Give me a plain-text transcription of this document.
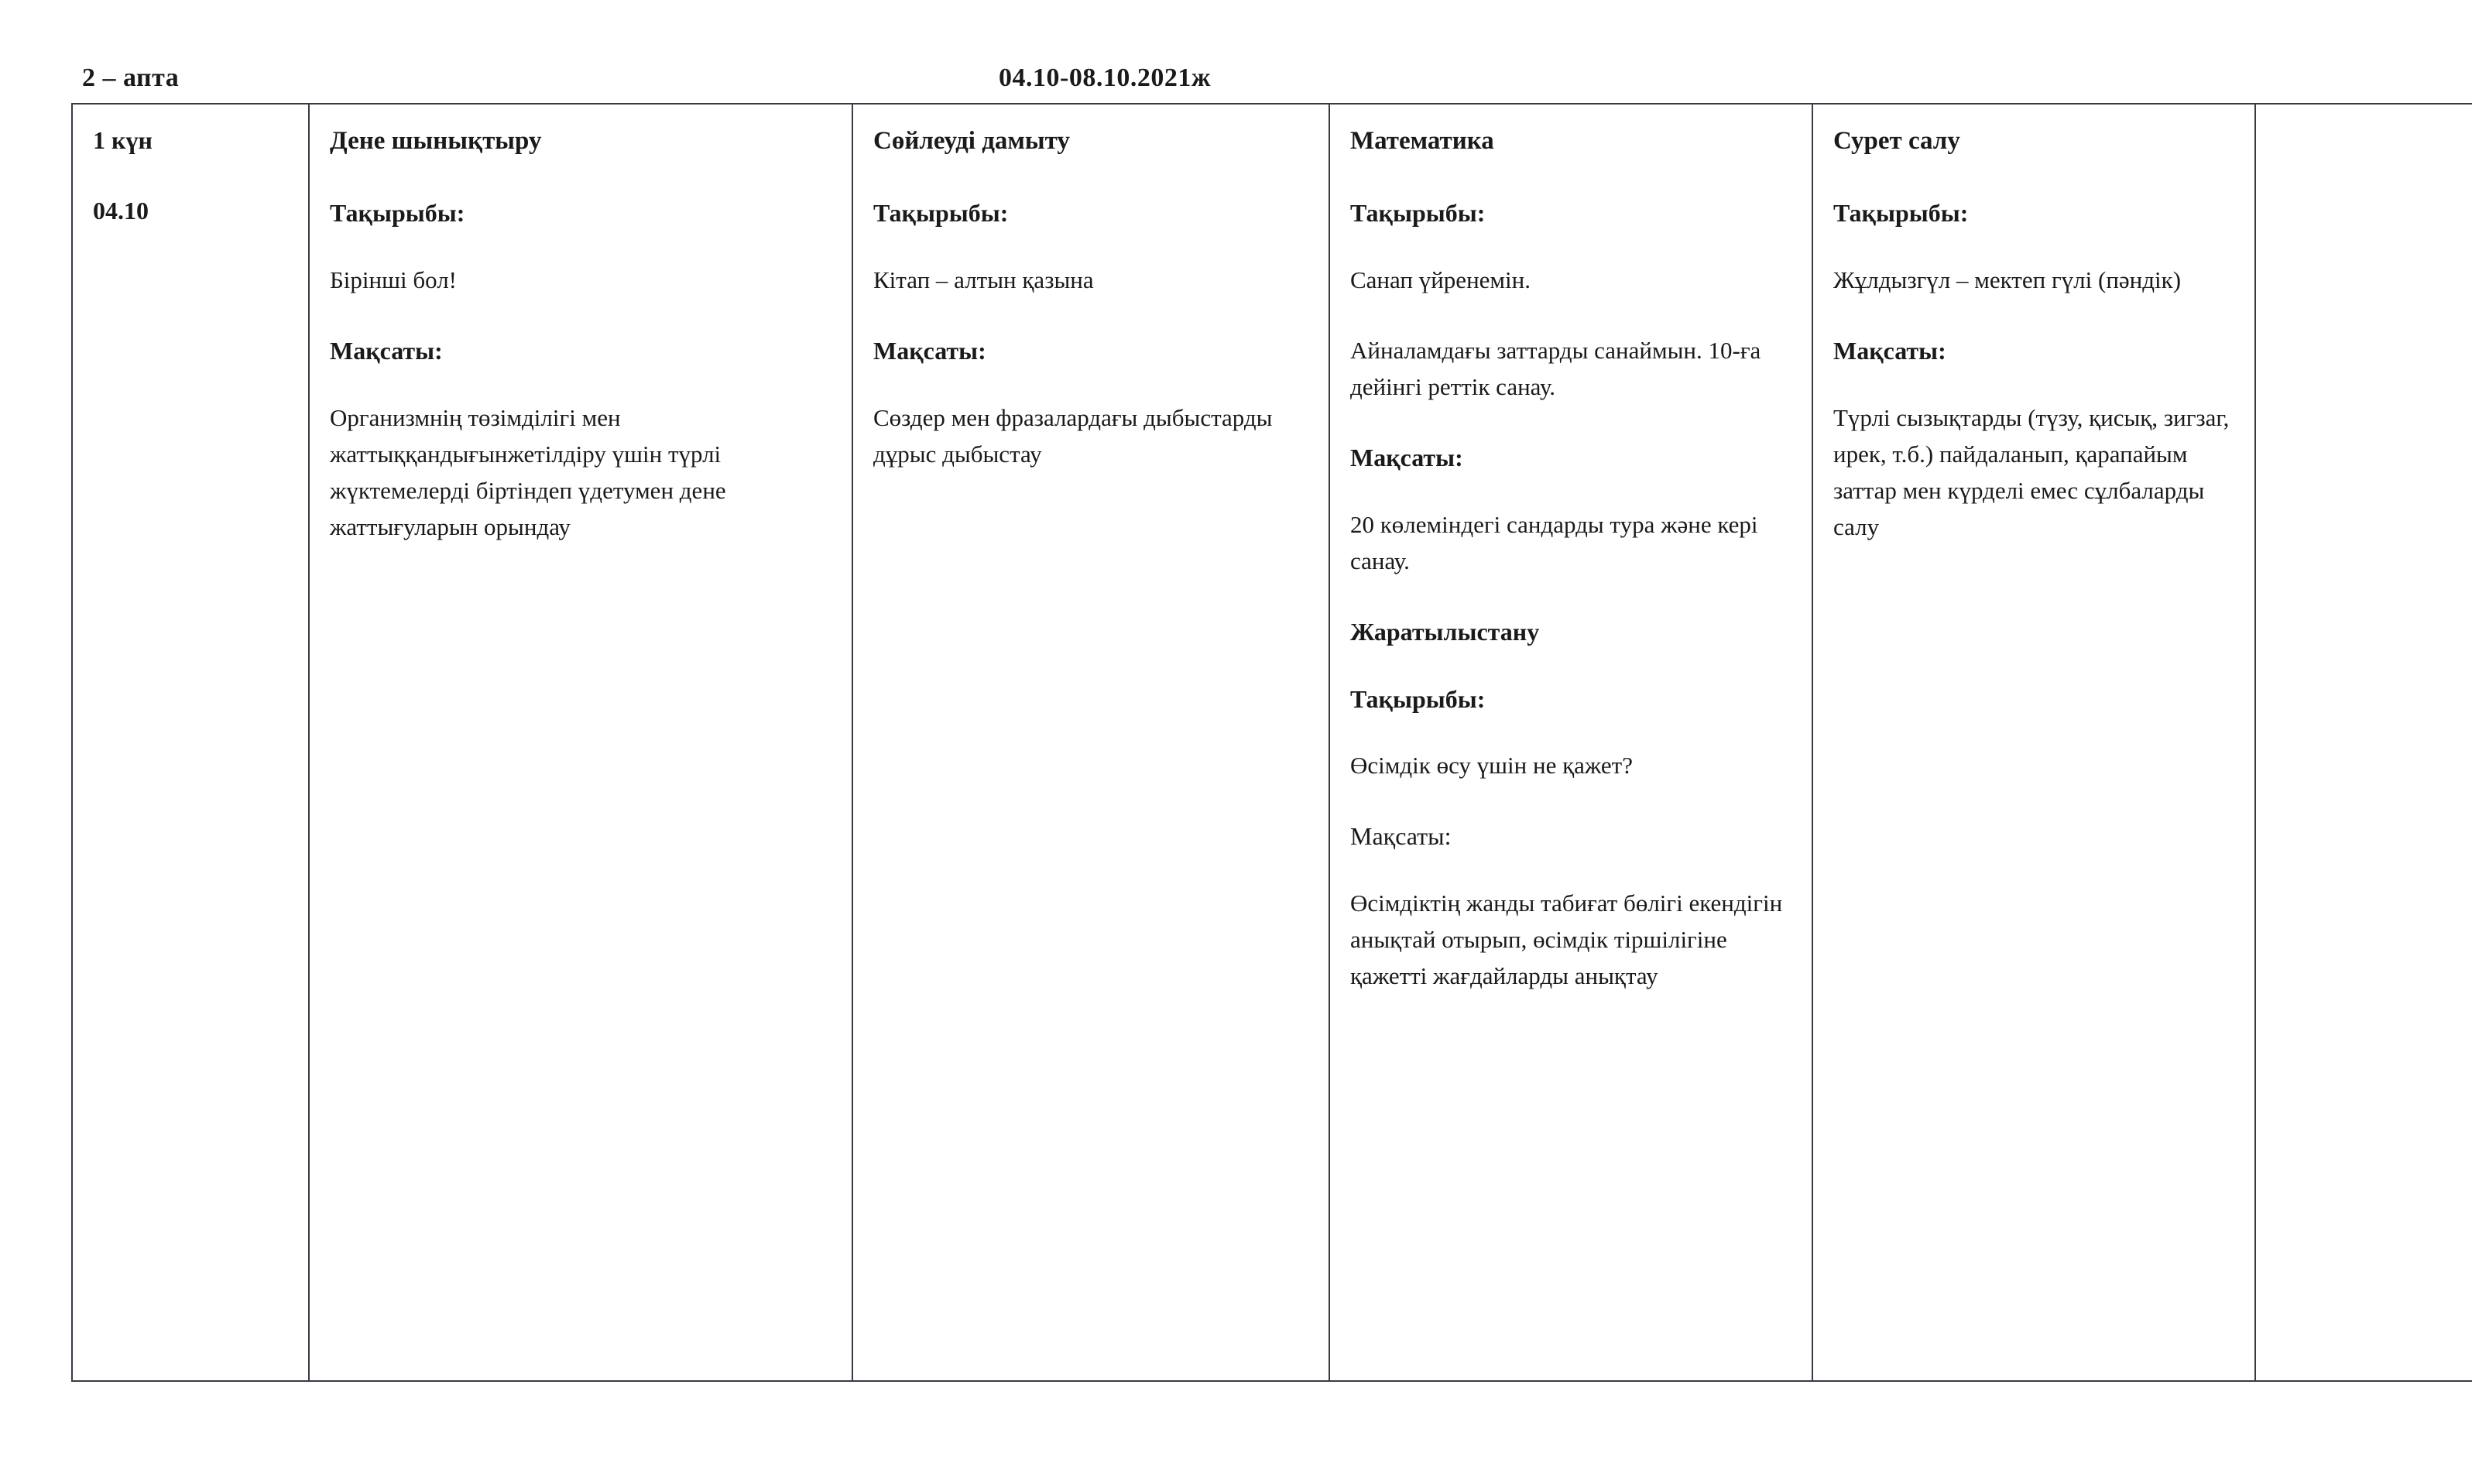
2 – апта	04.10-08.10.2021ж
1 күн
04.10

Дене шынықтыру
Тақырыбы:
Бірінші бол!
Мақсаты:
Организмнің төзімділігі мен жаттыққандығынжетілдіру үшін түрлі жүктемелерді біртіндеп үдетумен дене жаттығуларын орындау

Сөйлеуді дамыту
Тақырыбы:
Кітап – алтын қазына
Мақсаты:
Сөздер мен фразалардағы дыбыстарды дұрыс дыбыстау

Математика
Тақырыбы:
Санап үйренемін.
Айналамдағы заттарды санаймын. 10-ға дейінгі реттік санау.
Мақсаты:
20 көлеміндегі сандарды тура және кері санау.
Жаратылыстану
Тақырыбы:
Өсімдік өсу үшін не қажет?
Мақсаты:
Өсімдіктің жанды табиғат бөлігі екендігін анықтай отырып, өсімдік тіршілігіне қажетті жағдайларды анықтау

Сурет салу
Тақырыбы:
Жұлдызгүл – мектеп гүлі (пәндік)
Мақсаты:
Түрлі сызықтарды (түзу, қисық, зигзаг, ирек, т.б.) пайдаланып, қарапайым заттар мен күрделі емес сұлбаларды салу
